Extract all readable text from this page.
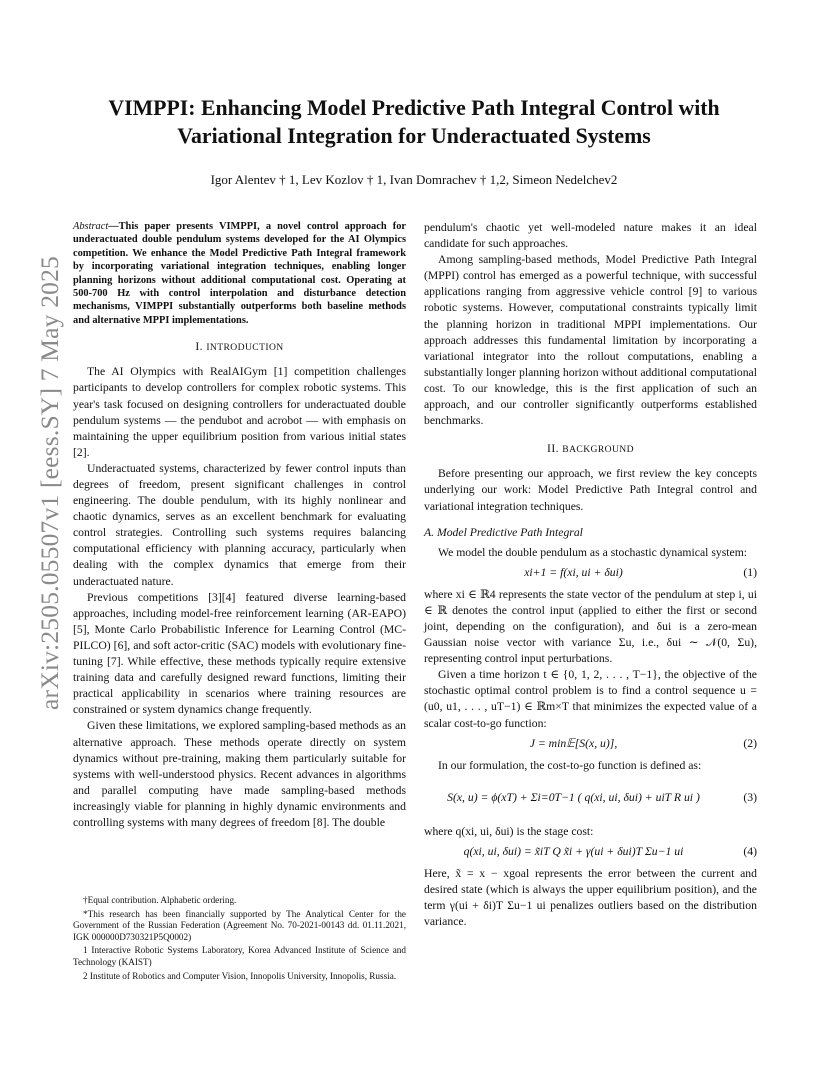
arXiv:2505.05507v1 [eess.SY] 7 May 2025
VIMPPI: Enhancing Model Predictive Path Integral Control with Variational Integration for Underactuated Systems
Igor Alentev † 1, Lev Kozlov † 1, Ivan Domrachev † 1,2, Simeon Nedelchev2

Abstract—This paper presents VIMPPI, a novel control approach for underactuated double pendulum systems developed for the AI Olympics competition. We enhance the Model Predictive Path Integral framework by incorporating variational integration techniques, enabling longer planning horizons without additional computational cost. Operating at 500-700 Hz with control interpolation and disturbance detection mechanisms, VIMPPI substantially outperforms both baseline methods and alternative MPPI implementations.

I. INTRODUCTION

The AI Olympics with RealAIGym [1] competition challenges participants to develop controllers for complex robotic systems. This year's task focused on designing controllers for underactuated double pendulum systems — the pendubot and acrobot — with emphasis on maintaining the upper equilibrium position from various initial states [2].

Underactuated systems, characterized by fewer control inputs than degrees of freedom, present significant challenges in control engineering. The double pendulum, with its highly nonlinear and chaotic dynamics, serves as an excellent benchmark for evaluating control strategies. Controlling such systems requires balancing computational efficiency with planning accuracy, particularly when dealing with the complex dynamics that emerge from their underactuated nature.

Previous competitions [3][4] featured diverse learning-based approaches, including model-free reinforcement learning (AR-EAPO) [5], Monte Carlo Probabilistic Inference for Learning Control (MC-PILCO) [6], and soft actor-critic (SAC) models with evolutionary fine-tuning [7]. While effective, these methods typically require extensive training data and carefully designed reward functions, limiting their practical applicability in scenarios where training resources are constrained or system dynamics change frequently.

Given these limitations, we explored sampling-based methods as an alternative approach. These methods operate directly on system dynamics without pre-training, making them particularly suitable for systems with well-understood physics. Recent advances in algorithms and parallel computing have made sampling-based methods increasingly viable for planning in highly dynamic environments and controlling systems with many degrees of freedom [8]. The double

†Equal contribution. Alphabetic ordering.

*This research has been financially supported by The Analytical Center for the Government of the Russian Federation (Agreement No. 70-2021-00143 dd. 01.11.2021, IGK 000000D730321P5Q0002)

1 Interactive Robotic Systems Laboratory, Korea Advanced Institute of Science and Technology (KAIST)

2 Institute of Robotics and Computer Vision, Innopolis University, Innopolis, Russia.

pendulum's chaotic yet well-modeled nature makes it an ideal candidate for such approaches.

Among sampling-based methods, Model Predictive Path Integral (MPPI) control has emerged as a powerful technique, with successful applications ranging from aggressive vehicle control [9] to various robotic systems. However, computational constraints typically limit the planning horizon in traditional MPPI implementations. Our approach addresses this fundamental limitation by incorporating a variational integrator into the rollout computations, enabling a substantially longer planning horizon without additional computational cost. To our knowledge, this is the first application of such an approach, and our controller significantly outperforms established benchmarks.

II. BACKGROUND

Before presenting our approach, we first review the key concepts underlying our work: Model Predictive Path Integral control and variational integration techniques.

A. Model Predictive Path Integral

We model the double pendulum as a stochastic dynamical system:

xi+1 = f(xi, ui + δui)	(1)

where xi ∈ ℝ4 represents the state vector of the pendulum at step i, ui ∈ ℝ denotes the control input (applied to either the first or second joint, depending on the configuration), and δui is a zero-mean Gaussian noise vector with variance Σu, i.e., δui ∼ 𝒩(0, Σu), representing control input perturbations.

Given a time horizon t ∈ {0, 1, 2, . . . , T−1}, the objective of the stochastic optimal control problem is to find a control sequence u = (u0, u1, . . . , uT−1) ∈ ℝm×T that minimizes the expected value of a scalar cost-to-go function:

J = min𝔼[S(x, u)],	(2)

In our formulation, the cost-to-go function is defined as:

S(x, u) = ϕ(xT) + Σi=0T−1 ( q(xi, ui, δui) + uiT R ui )	(3)

where q(xi, ui, δui) is the stage cost:

q(xi, ui, δui) = x̃iT Q x̃i + γ(ui + δui)T Σu−1 ui	(4)

Here, x̃ = x − xgoal represents the error between the current and desired state (which is always the upper equilibrium position), and the term γ(ui + δi)T Σu−1 ui penalizes outliers based on the distribution variance.
